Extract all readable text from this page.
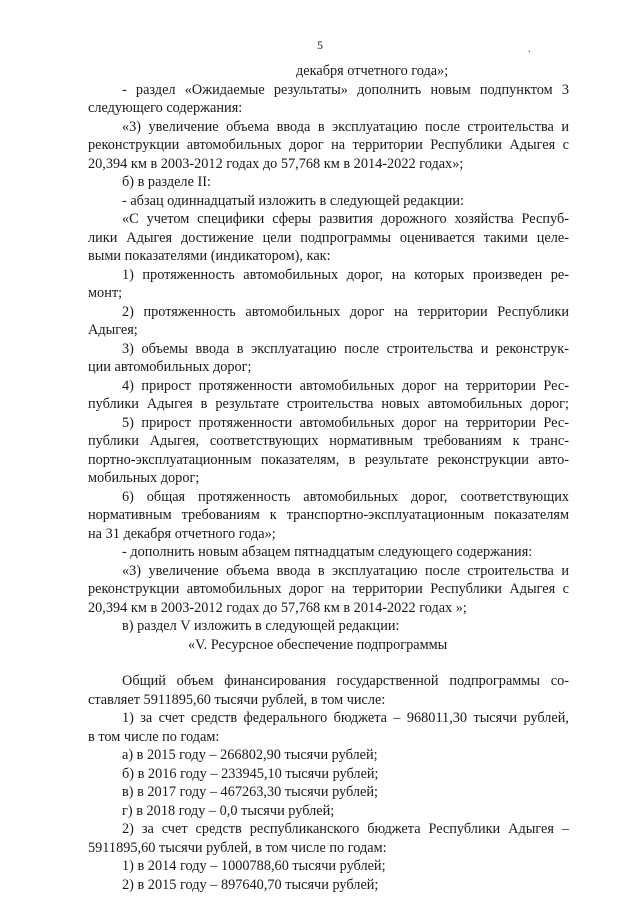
5	.

декабря отчетного года»;

- раздел «Ожидаемые результаты» дополнить новым подпунктом 3

следующего содержания:

«3) увеличение объема ввода в эксплуатацию после строительства и

реконструкции автомобильных дорог на территории Республики Адыгея с

20,394 км в 2003-2012 годах до 57,768 км в 2014-2022 годах»;

б) в разделе II:

- абзац одиннадцатый изложить в следующей редакции:

«С учетом специфики сферы развития дорожного хозяйства Респуб-

лики Адыгея достижение цели подпрограммы оценивается такими целе-

выми показателями (индикатором), как:

1) протяженность автомобильных дорог, на которых произведен ре-

монт;

2) протяженность автомобильных дорог на территории Республики

Адыгея;

3) объемы ввода в эксплуатацию после строительства и реконструк-

ции автомобильных дорог;

4) прирост протяженности автомобильных дорог на территории Рес-

публики Адыгея в результате строительства новых автомобильных дорог;

5) прирост протяженности автомобильных дорог на территории Рес-

публики Адыгея, соответствующих нормативным требованиям к транс-

портно-эксплуатационным показателям, в результате реконструкции авто-

мобильных дорог;

6) общая протяженность автомобильных дорог, соответствующих

нормативным требованиям к транспортно-эксплуатационным показателям

на 31 декабря отчетного года»;

- дополнить новым абзацем пятнадцатым следующего содержания:

«3) увеличение объема ввода в эксплуатацию после строительства и

реконструкции автомобильных дорог на территории Республики Адыгея с

20,394 км в 2003-2012 годах до 57,768 км в 2014-2022 годах »;

в) раздел V изложить в следующей редакции:

«V. Ресурсное обеспечение подпрограммы

Общий объем финансирования государственной подпрограммы со-

ставляет 5911895,60 тысячи рублей, в том числе:

1) за счет средств федерального бюджета – 968011,30 тысячи рублей,

в том числе по годам:

а) в 2015 году – 266802,90 тысячи рублей;

б) в 2016 году – 233945,10 тысячи рублей;

в) в 2017 году – 467263,30 тысячи рублей;

г) в 2018 году – 0,0 тысячи рублей;

2) за счет средств республиканского бюджета Республики Адыгея –

5911895,60 тысячи рублей, в том числе по годам:

1) в 2014 году – 1000788,60 тысячи рублей;

2) в 2015 году – 897640,70 тысячи рублей;
